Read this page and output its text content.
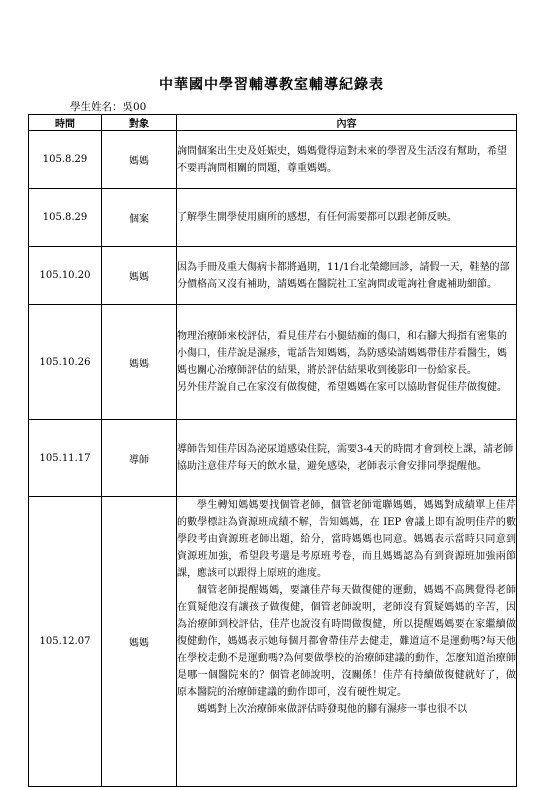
中華國中學習輔導教室輔導紀錄表
學生姓名：吳00
時間	對象	內容
105.8.29	媽媽	詢問個案出生史及妊娠史，媽媽覺得這對未來的學習及生活沒有幫助，希望不要再詢問相關的問題，尊重媽媽。

105.8.29	個案	了解學生開學使用廁所的感想，有任何需要都可以跟老師反映。

105.10.20	媽媽	因為手冊及重大傷病卡都將過期，11/1台北榮總回診，請假一天，鞋墊的部分價格高又沒有補助，請媽媽在醫院社工室詢問或電詢社會處補助細節。

105.10.26	媽媽	物理治療師來校評估，看見佳芹右小腿結痂的傷口，和右腳大拇指有密集的小傷口，佳芹說是濕疹，電話告知媽媽，為防感染請媽媽帶佳芹看醫生，媽媽也關心治療師評估的結果，將於評估結果收到後影印一份給家長。

另外佳芹說自己在家沒有做復健，希望媽媽在家可以協助督促佳芹做復健。

105.11.17	導師	導師告知佳芹因為泌尿道感染住院，需要3-4天的時間才會到校上課，請老師協助注意佳芹每天的飲水量，避免感染，老師表示會安排同學提醒他。

105.12.07	媽媽	學生轉知媽媽要找個管老師，個管老師電聯媽媽，媽媽對成績單上佳芹的數學標註為資源班成績不解，告知媽媽，在 IEP 會議上即有說明佳芹的數學段考由資源班老師出題，給分，當時媽媽也同意。媽媽表示當時只同意到資源班加強，希望段考還是考原班考卷，而且媽媽認為有到資源班加強兩節課，應該可以跟得上原班的進度。

個管老師提醒媽媽，要讓佳芹每天做復健的運動，媽媽不高興覺得老師在質疑他沒有讓孩子做復健，個管老師說明，老師沒有質疑媽媽的辛苦，因為治療師到校評估，佳芹也說沒有時間做復健，所以提醒媽媽要在家繼續做復健動作，媽媽表示她每個月都會帶佳芹去健走，難道這不是運動嗎?每天他在學校走動不是運動嗎?為何要做學校的治療師建議的動作，怎麼知道治療師是哪一個醫院來的？個管老師說明，沒關係！佳芹有持續做復健就好了，做原本醫院的治療師建議的動作即可，沒有硬性規定。

媽媽對上次治療師來做評估時發現他的腳有濕疹一事也很不以
